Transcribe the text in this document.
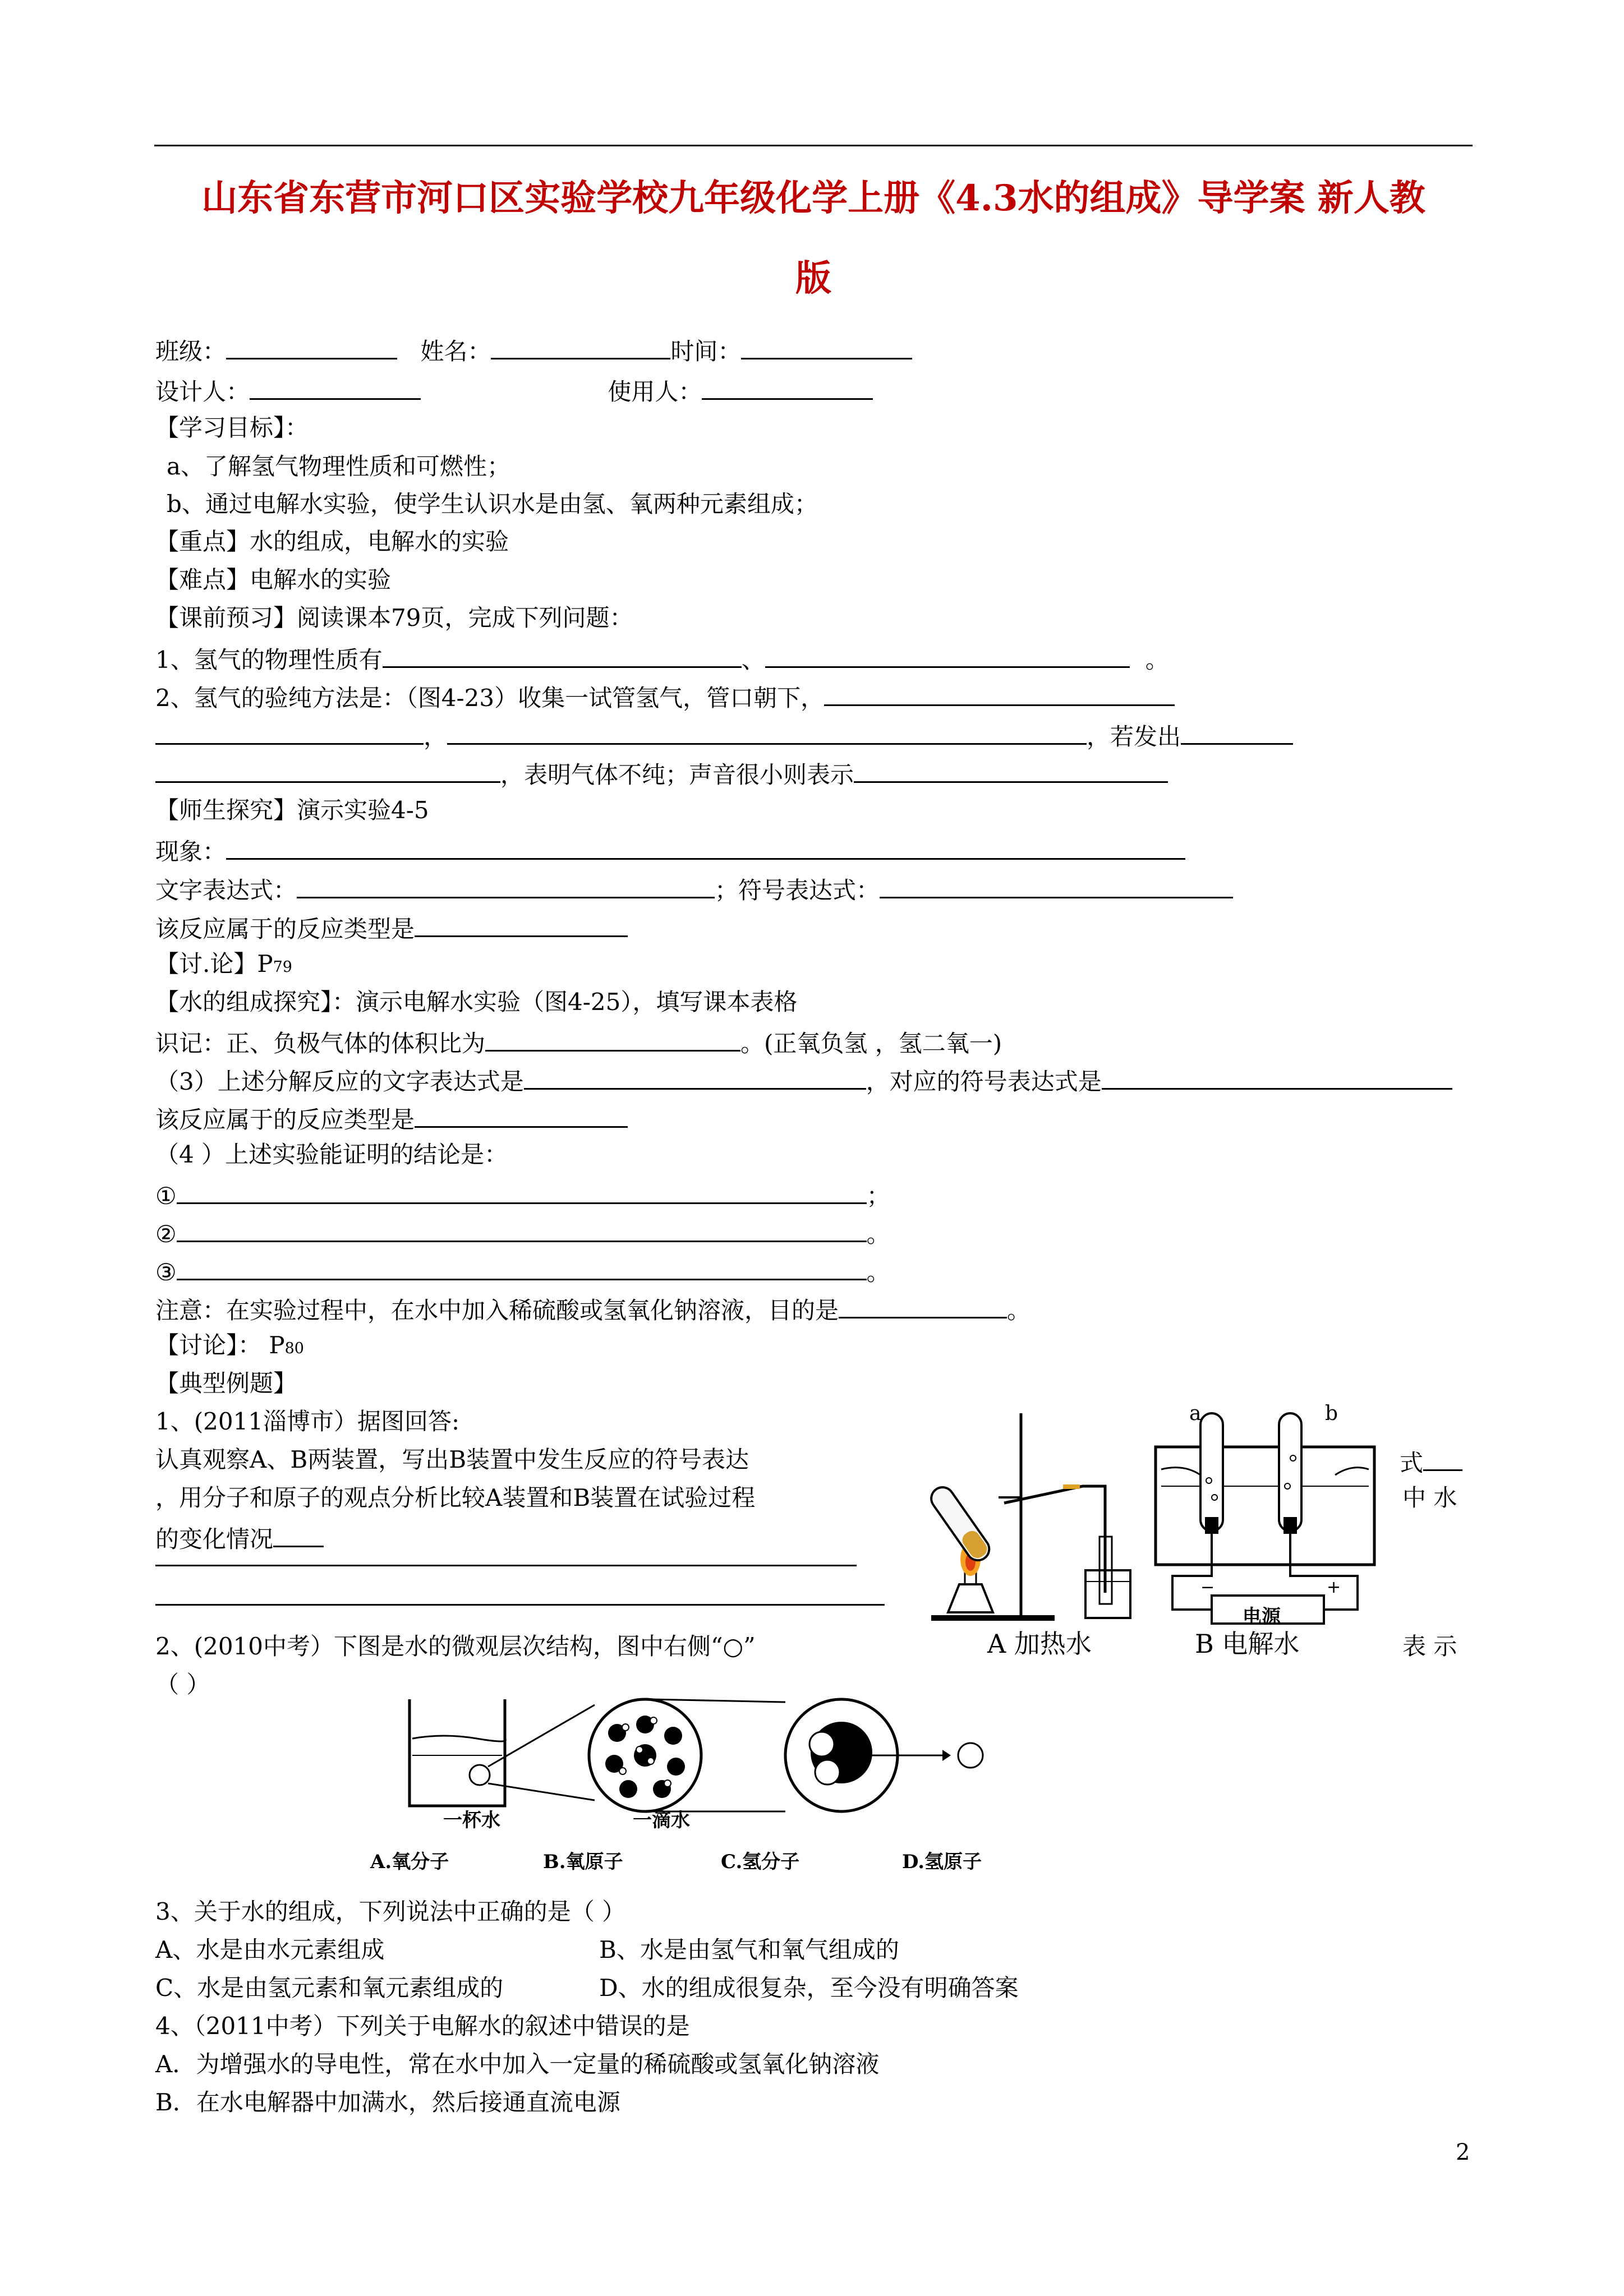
山东省东营市河口区实验学校九年级化学上册《4.3水的组成》导学案 新人教
版
班级：	姓名：	时间：
设计人：	使用人：
【学习目标】：
a、了解氢气物理性质和可燃性；
b、通过电解水实验，使学生认识水是由氢、氧两种元素组成；
【重点】水的组成，电解水的实验
【难点】电解水的实验
【课前预习】阅读课本79页，完成下列问题：
1、氢气的物理性质有	、	。
2、氢气的验纯方法是：（图4-23）收集一试管氢气，管口朝下，
，	，若发出
，表明气体不纯；声音很小则表示
【师生探究】演示实验4-5
现象：
文字表达式：	；符号表达式：
该反应属于的反应类型是
【讨.论】P79
【水的组成探究】：演示电解水实验（图4-25），填写课本表格
识记：正、负极气体的体积比为	。(正氧负氢 ，氢二氧一)
（3）上述分解反应的文字表达式是	，对应的符号表达式是
该反应属于的反应类型是
（4 ）上述实验能证明的结论是：
①	；
②	。
③	。
注意：在实验过程中，在水中加入稀硫酸或氢氧化钠溶液，目的是	。
【讨论】： P80
【典型例题】
1、(2011淄博市）据图回答:
认真观察A、B两装置，写出B装置中发生反应的符号表达
，用分子和原子的观点分析比较A装置和B装置在试验过程
的变化情况
式
中 水
−	+
a	b
电源
A 加热水	B 电解水
2、(2010中考）下图是水的微观层次结构，图中右侧“○”	表 示
（ ）
一杯水	一滴水
A.氧分子	B.氧原子	C.氢分子	D.氢原子
3、关于水的组成，下列说法中正确的是（ ）
A、水是由水元素组成	B、水是由氢气和氧气组成的
C、水是由氢元素和氧元素组成的	D、水的组成很复杂，至今没有明确答案
4、（2011中考）下列关于电解水的叙述中错误的是
A．为增强水的导电性，常在水中加入一定量的稀硫酸或氢氧化钠溶液
B．在水电解器中加满水，然后接通直流电源
2
